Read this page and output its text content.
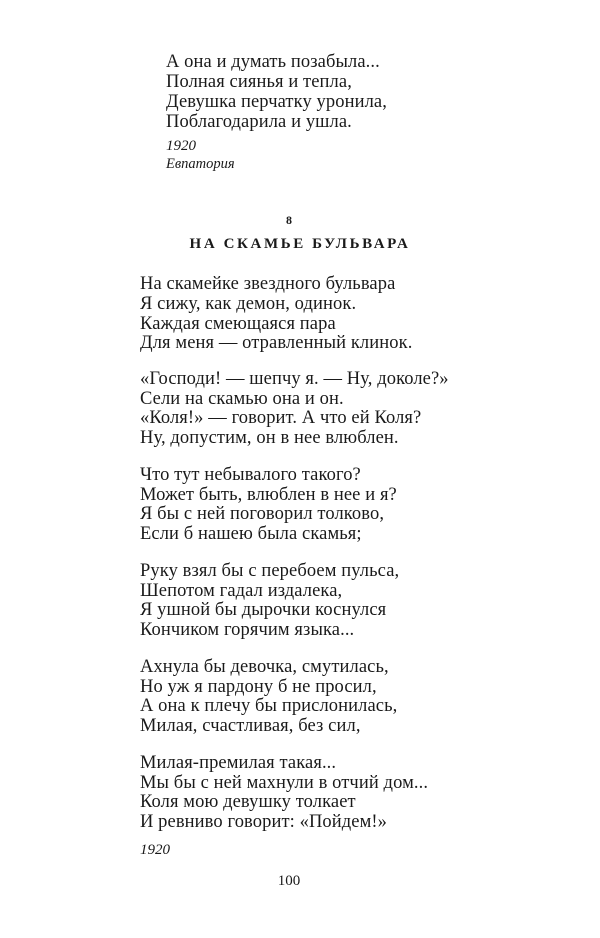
А она и думать позабыла...
Полная сиянья и тепла,
Девушка перчатку уронила,
Поблагодарила и ушла.
1920
Евпатория
8
НА СКАМЬЕ БУЛЬВАРА
На скамейке звездного бульвара
Я сижу, как демон, одинок.
Каждая смеющаяся пара
Для меня — отравленный клинок.
«Господи! — шепчу я. — Ну, доколе?»
Сели на скамью она и он.
«Коля!» — говорит. А что ей Коля?
Ну, допустим, он в нее влюблен.
Что тут небывалого такого?
Может быть, влюблен в нее и я?
Я бы с ней поговорил толково,
Если б нашею была скамья;
Руку взял бы с перебоем пульса,
Шепотом гадал издалека,
Я ушной бы дырочки коснулся
Кончиком горячим языка...
Ахнула бы девочка, смутилась,
Но уж я пардону б не просил,
А она к плечу бы прислонилась,
Милая, счастливая, без сил,
Милая-премилая такая...
Мы бы с ней махнули в отчий дом...
Коля мою девушку толкает
И ревниво говорит: «Пойдем!»
1920
100
